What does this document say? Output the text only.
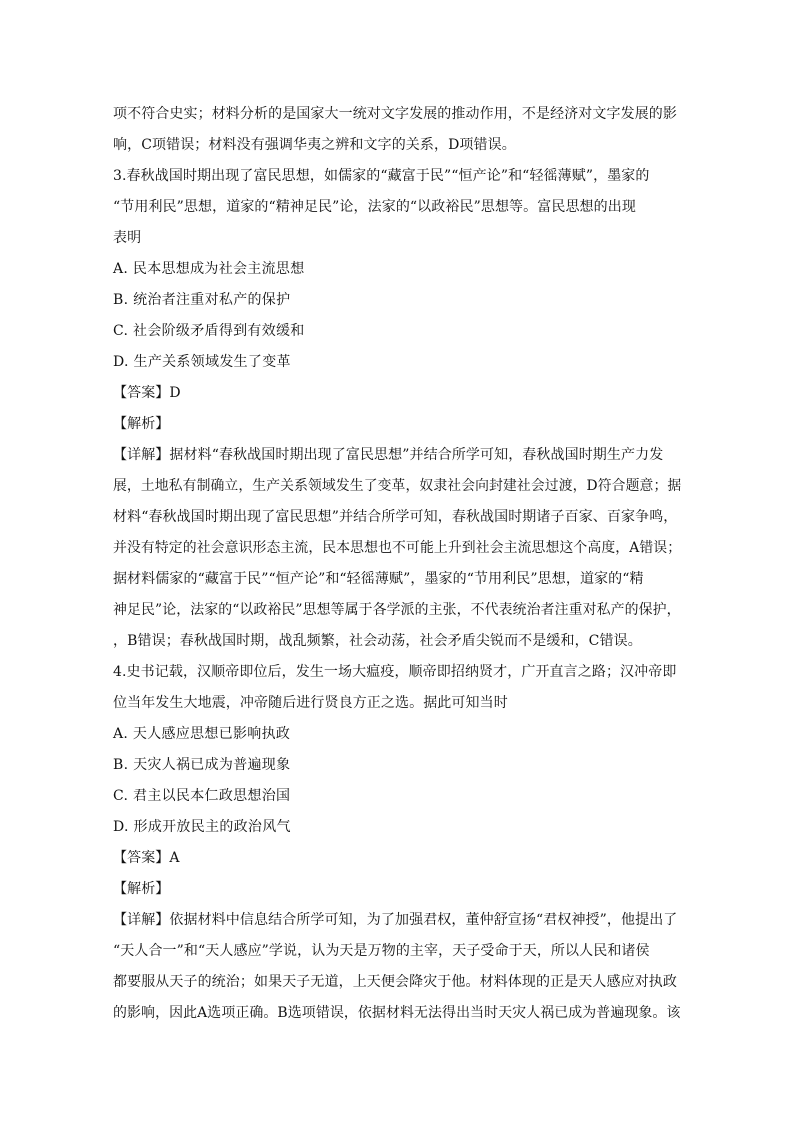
项不符合史实；材料分析的是国家大一统对文字发展的推动作用，不是经济对文字发展的影
响，C项错误；材料没有强调华夷之辨和文字的关系，D项错误。
3.春秋战国时期出现了富民思想，如儒家的“藏富于民”“恒产论”和“轻徭薄赋”，墨家的
“节用利民”思想，道家的“精神足民”论，法家的“以政裕民”思想等。富民思想的出现
表明
A. 民本思想成为社会主流思想
B. 统治者注重对私产的保护
C. 社会阶级矛盾得到有效缓和
D. 生产关系领域发生了变革
【答案】D
【解析】
【详解】据材料“春秋战国时期出现了富民思想”并结合所学可知，春秋战国时期生产力发
展，土地私有制确立，生产关系领域发生了变革，奴隶社会向封建社会过渡，D符合题意；据
材料“春秋战国时期出现了富民思想”并结合所学可知，春秋战国时期诸子百家、百家争鸣，
并没有特定的社会意识形态主流，民本思想也不可能上升到社会主流思想这个高度，A错误；
据材料儒家的“藏富于民”“恒产论”和“轻徭薄赋”，墨家的“节用利民”思想，道家的“精
神足民”论，法家的“以政裕民”思想等属于各学派的主张，不代表统治者注重对私产的保护，
，B错误；春秋战国时期，战乱频繁，社会动荡，社会矛盾尖锐而不是缓和，C错误。
4.史书记载，汉顺帝即位后，发生一场大瘟疫，顺帝即招纳贤才，广开直言之路；汉冲帝即
位当年发生大地震，冲帝随后进行贤良方正之选。据此可知当时
A. 天人感应思想已影响执政
B. 天灾人祸已成为普遍现象
C. 君主以民本仁政思想治国
D. 形成开放民主的政治风气
【答案】A
【解析】
【详解】依据材料中信息结合所学可知，为了加强君权，董仲舒宣扬“君权神授”，他提出了
“天人合一”和“天人感应”学说，认为天是万物的主宰，天子受命于天，所以人民和诸侯
都要服从天子的统治；如果天子无道，上天便会降灾于他。材料体现的正是天人感应对执政
的影响，因此A选项正确。B选项错误，依据材料无法得出当时天灾人祸已成为普遍现象。该
